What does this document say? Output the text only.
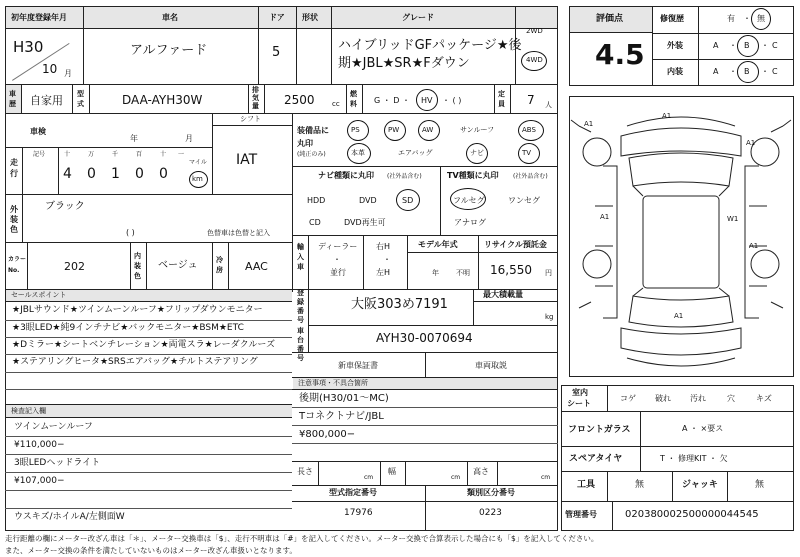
初年度登録年月
H30
10 月
車名
アルファード
ドア
5
形状	グレード
ハイブリッドGFパッケージ★後
期★JBL★SR★Fダウン
2WD
4WD
車歴 自家用 型式	DAA-AYH30W
排気量 2500 cc
燃料 G ・ D ・ HV ・ ( )
定員 7 人
車検
年	月
走行
記号	十	万	千	百	十 一
4 0 1 0 0
マイル
km
シフト
IAT
装備品に
丸印
(純正のみ)
PS	PW	AW	サンルーフ	ABS
本革	エアバッグ	ナビ	TV
ナビ種類に丸印 (社外品含む)
HDD	DVD	SD
CD	DVD再生可
TV種類に丸印 (社外品含む)
フルセグ	ワンセグ
アナログ
外装色
ブラック
( )	色替車は色替と記入
カラーNo.	202
内装色
ベージュ	冷房 AAC
セールスポイント
★JBLサウンド★ツインムーンルーフ★フリップダウンモニター
★3眼LED★純9インチナビ★バックモニター★BSM★ETC
★Dミラー★シートベンチレーション★両電スラ★レーダクルーズ
★ステアリングヒータ★SRSエアバッグ★チルトステアリング
検査記入欄
ツインムーンルーフ
¥110,000−
3眼LEDヘッドライト
¥107,000−
ウスキズ/ホイルA/左側面W
輸入車
ディーラー
・
並行
右H
・
左H
モデル年式
年 不明
リサイクル預託金
16,550 円
登録番号
大阪303め7191
最大積載量
kg
車台番号
AYH30-0070694
新車保証書	車両取説
注意事項・不具合箇所
後期(H30/01〜MC)
Tコネクトナビ/JBL
¥800,000−
長さ
cm
幅
cm
高さ
cm
型式指定番号	類別区分番号
17976	0223
評価点
4.5
修復歴	有 ・ 無
外装	A ・ B ・ C
内装	A ・ B ・ C
A1
A1
A1
A1	W1
A1
A1
室内
シート
コゲ 破れ 汚れ	穴	キズ
フロントガラス	A ・ ×要ス
スペアタイヤ	T ・ 修理KIT ・ 欠
工具	無	ジャッキ	無
管理番号	020380002500000044545
走行距離の欄にメーター改ざん車は「＊」、メーター交換車は「$」、走行不明車は「#」を記入してください。メーター交換で合算表示した場合にも「$」を記入してください。
また、メーター交換の条件を満たしていないものはメーター改ざん車扱いとなります。
